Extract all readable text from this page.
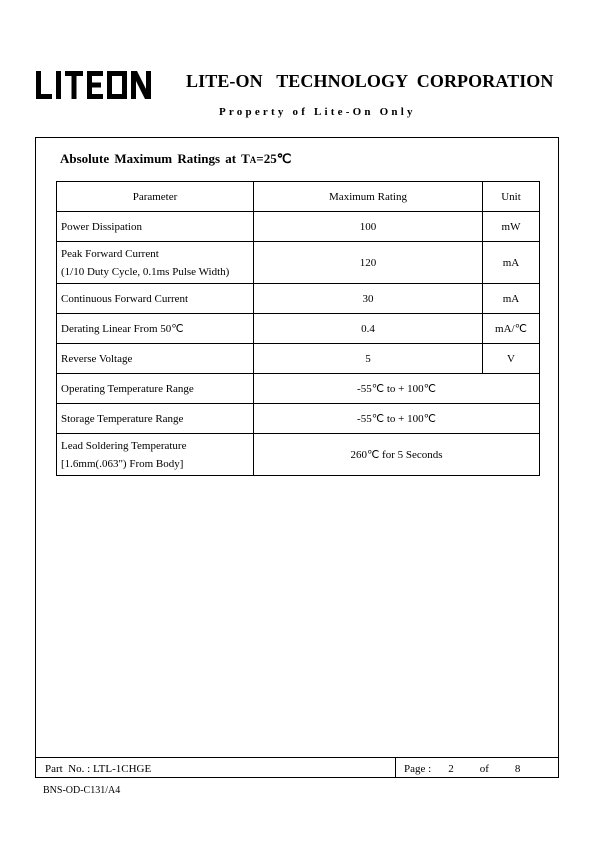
LITE-ON   TECHNOLOGY  CORPORATION
Property of Lite-On Only
Absolute Maximum Ratings at TA=25℃
Parameter	Maximum Rating	Unit
Power Dissipation	100	mW
Peak Forward Current
(1/10 Duty Cycle, 0.1ms Pulse Width)	120	mA
Continuous Forward Current	30	mA
Derating Linear From 50℃	0.4	mA/℃
Reverse Voltage	5	V
Operating Temperature Range	-55℃ to + 100℃	
Storage Temperature Range	-55℃ to + 100℃	
Lead Soldering Temperature
[1.6mm(.063") From Body]	260℃ for 5 Seconds	
Part  No. : LTL-1CHGE	Page : 2 of 8
BNS-OD-C131/A4
